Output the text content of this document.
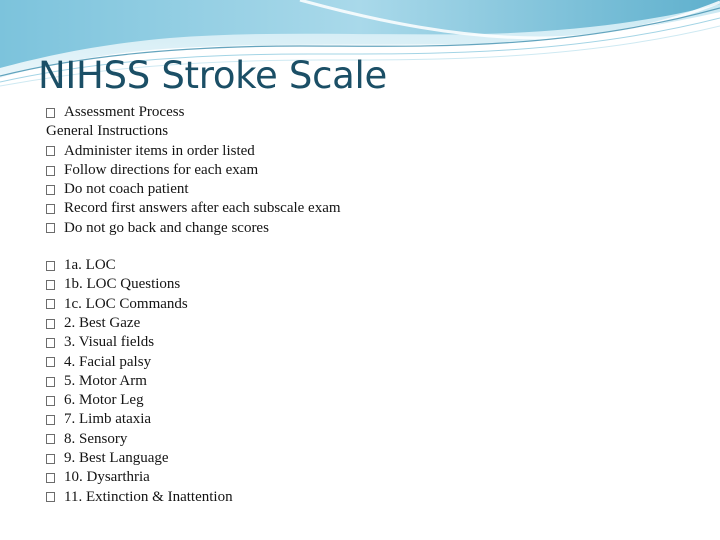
NIHSS Stroke Scale
Assessment Process
General Instructions
Administer items in order listed
Follow directions for each exam
Do not coach patient
Record first answers after each subscale exam
Do not go back and change scores
1a. LOC
1b. LOC Questions
1c. LOC Commands
2. Best Gaze
3. Visual fields
4. Facial palsy
5. Motor Arm
6. Motor Leg
7. Limb ataxia
8. Sensory
9. Best Language
10. Dysarthria
11. Extinction & Inattention
